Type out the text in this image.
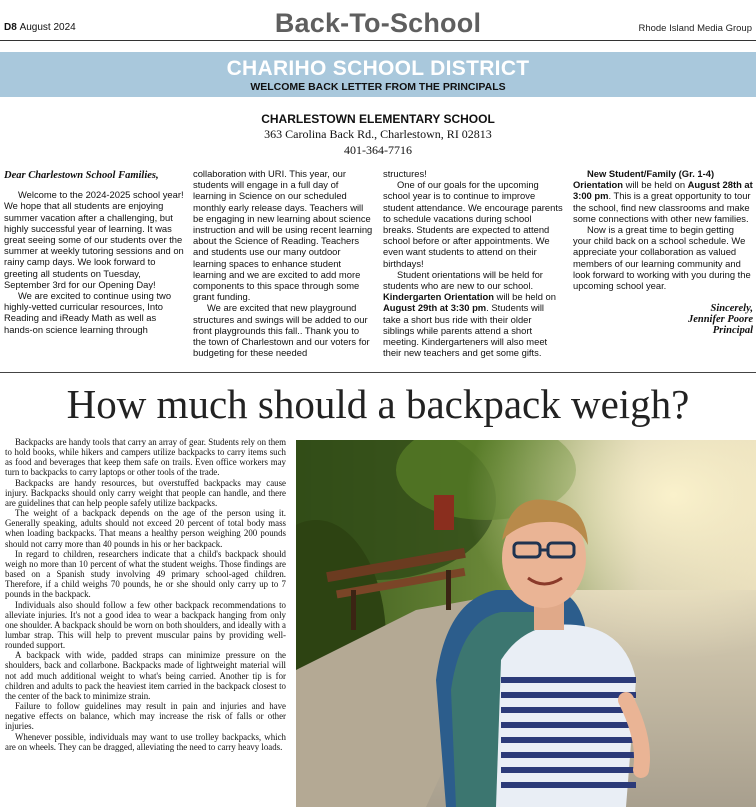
D8 August 2024	Back-To-School	Rhode Island Media Group
CHARIHO SCHOOL DISTRICT
WELCOME BACK LETTER FROM THE PRINCIPALS
CHARLESTOWN ELEMENTARY SCHOOL
363 Carolina Back Rd., Charlestown, RI 02813
401-364-7716

Dear Charlestown School Families,

Welcome to the 2024-2025 school year! We hope that all students are enjoying summer vacation after a challenging, but highly successful year of learning. It was great seeing some of our students over the summer at weekly tutoring sessions and on rainy camp days. We look forward to greeting all students on Tuesday, September 3rd for our Opening Day!

We are excited to continue using two highly-vetted curricular resources, Into Reading and iReady Math as well as hands-on science learning through

collaboration with URI. This year, our students will engage in a full day of learning in Science on our scheduled monthly early release days. Teachers will be engaging in new learning about science instruction and will be using recent learning about the Science of Reading. Teachers and students use our many outdoor learning spaces to enhance student learning and we are excited to add more components to this space through some grant funding.

We are excited that new playground structures and swings will be added to our front playgrounds this fall.. Thank you to the town of Charlestown and our voters for budgeting for these needed

structures!

One of our goals for the upcoming school year is to continue to improve student attendance. We encourage parents to schedule vacations during school breaks. Students are expected to attend school before or after appointments. We even want students to attend on their birthdays!

Student orientations will be held for students who are new to our school. Kindergarten Orientation will be held on August 29th at 3:30 pm. Students will take a short bus ride with their older siblings while parents attend a short meeting. Kindergarteners will also meet their new teachers and get some gifts.

New Student/Family (Gr. 1-4) Orientation will be held on August 28th at 3:00 pm. This is a great opportunity to tour the school, find new classrooms and make some connections with other new families.

Now is a great time to begin getting your child back on a school schedule. We appreciate your collaboration as valued members of our learning community and look forward to working with you during the upcoming school year.

Sincerely,
Jennifer Poore
Principal
How much should a backpack weigh?

Backpacks are handy tools that carry an array of gear. Students rely on them to hold books, while hikers and campers utilize backpacks to carry items such as food and beverages that keep them safe on trails. Even office workers may turn to backpacks to carry laptops or other tools of the trade.

Backpacks are handy resources, but overstuffed backpacks may cause injury. Backpacks should only carry weight that people can handle, and there are guidelines that can help people safely utilize backpacks.

The weight of a backpack depends on the age of the person using it. Generally speaking, adults should not exceed 20 percent of total body mass when loading backpacks. That means a healthy person weighing 200 pounds should not carry more than 40 pounds in his or her backpack.

In regard to children, researchers indicate that a child's backpack should weigh no more than 10 percent of what the student weighs. Those findings are based on a Spanish study involving 49 primary school-aged children. Therefore, if a child weighs 70 pounds, he or she should only carry up to 7 pounds in the backpack.

Individuals also should follow a few other backpack recommendations to alleviate injuries. It's not a good idea to wear a backpack hanging from only one shoulder. A backpack should be worn on both shoulders, and ideally with a lumbar strap. This will help to prevent muscular pains by providing well-rounded support.

A backpack with wide, padded straps can minimize pressure on the shoulders, back and collarbone. Backpacks made of lightweight material will not add much additional weight to what's being carried. Another tip is for children and adults to pack the heaviest item carried in the backpack closest to the center of the back to minimize strain.

Failure to follow guidelines may result in pain and injuries and have negative effects on balance, which may increase the risk of falls or other injuries.

Whenever possible, individuals may want to use trolley backpacks, which are on wheels. They can be dragged, alleviating the need to carry heavy loads.
